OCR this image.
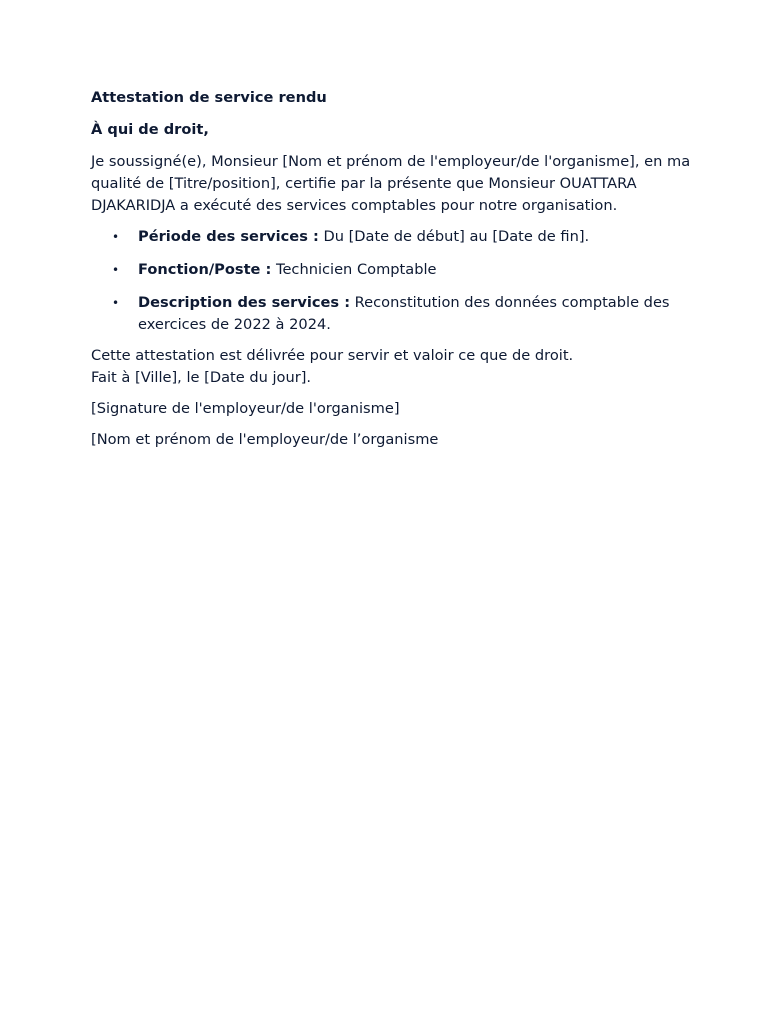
Attestation de service rendu

À qui de droit,

Je soussigné(e), Monsieur [Nom et prénom de l'employeur/de l'organisme], en ma qualité de [Titre/position], certifie par la présente que Monsieur OUATTARA DJAKARIDJA a exécuté des services comptables pour notre organisation.

• Période des services : Du [Date de début] au [Date de fin].
• Fonction/Poste : Technicien Comptable
• Description des services : Reconstitution des données comptable des exercices de 2022 à 2024.

Cette attestation est délivrée pour servir et valoir ce que de droit.
Fait à [Ville], le [Date du jour].

[Signature de l'employeur/de l'organisme]

[Nom et prénom de l'employeur/de l’organisme
